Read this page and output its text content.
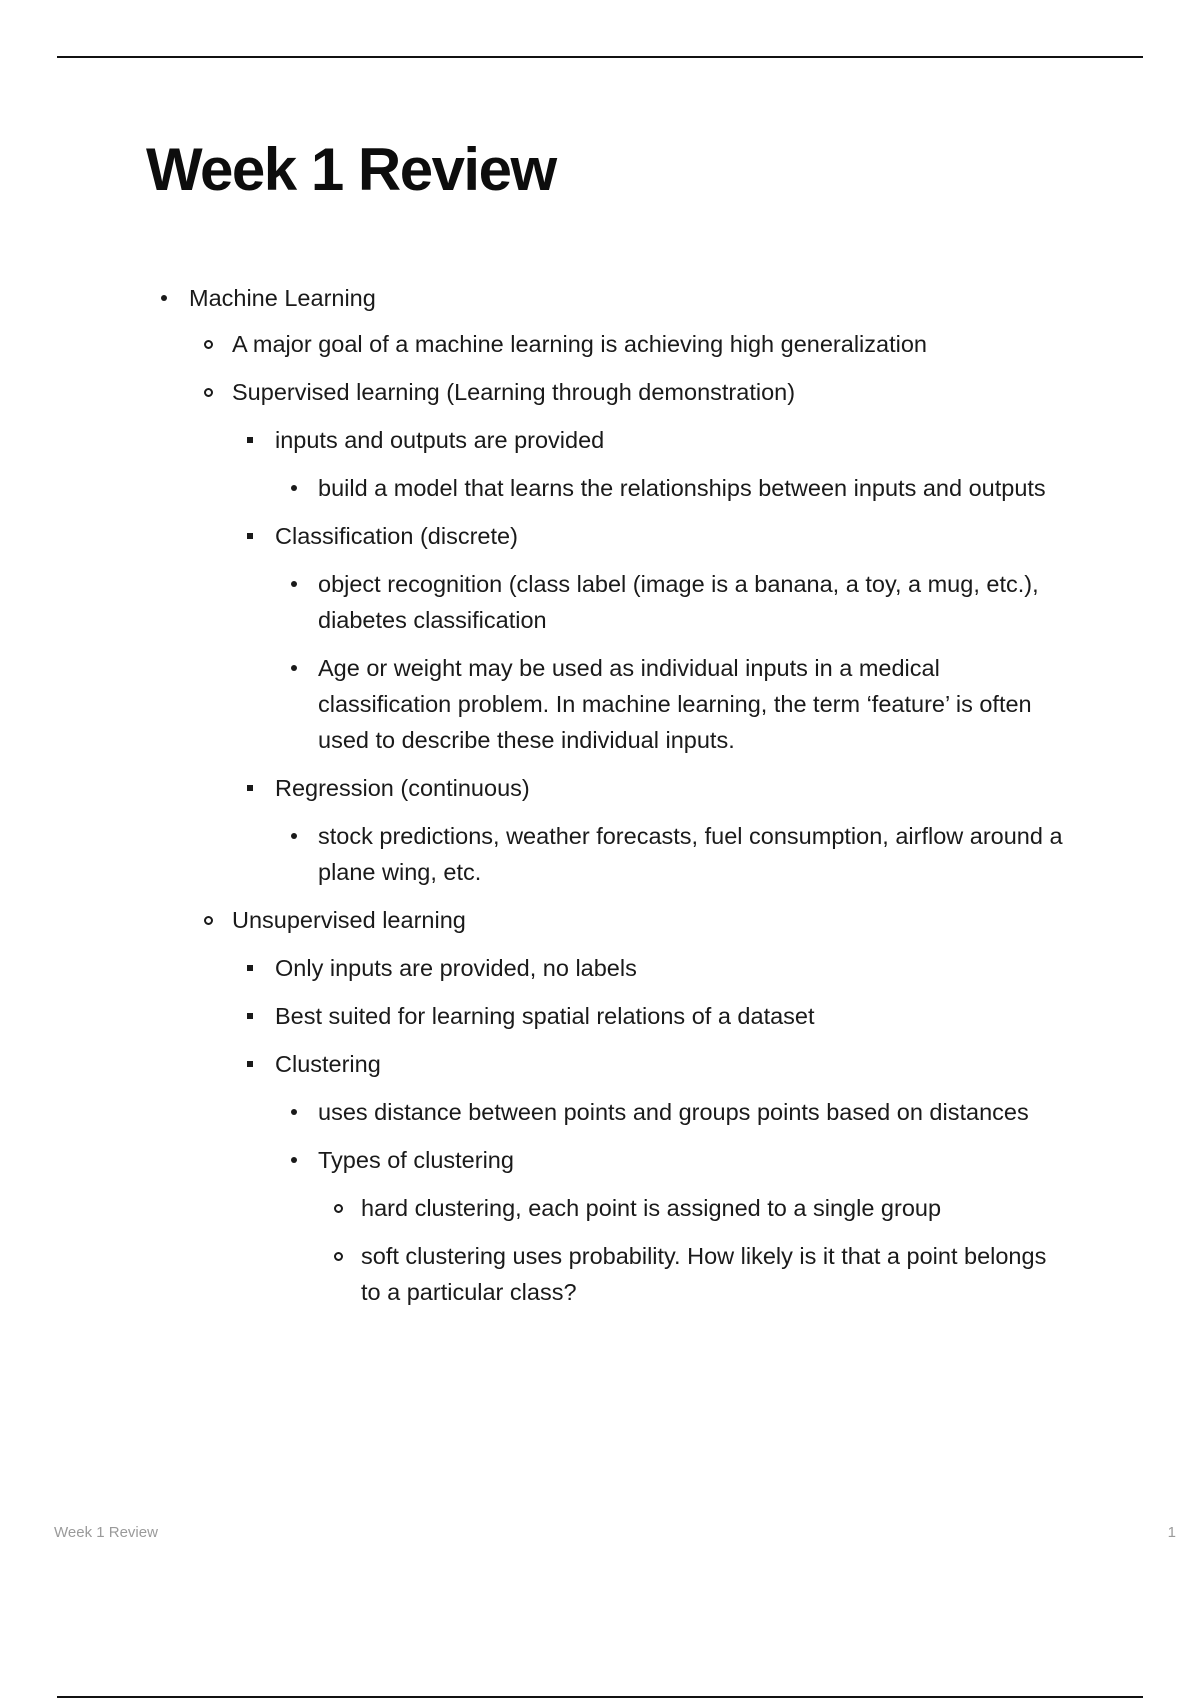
Week 1 Review
Machine Learning
A major goal of a machine learning is achieving high generalization
Supervised learning (Learning through demonstration)
inputs and outputs are provided
build a model that learns the relationships between inputs and outputs
Classification (discrete)
object recognition (class label (image is a banana, a toy, a mug, etc.), diabetes classification
Age or weight may be used as individual inputs in a medical classification problem. In machine learning, the term ‘feature’ is often used to describe these individual inputs.
Regression (continuous)
stock predictions, weather forecasts, fuel consumption, airflow around a plane wing, etc.
Unsupervised learning
Only inputs are provided, no labels
Best suited for learning spatial relations of a dataset
Clustering
uses distance between points and groups points based on distances
Types of clustering
hard clustering, each point is assigned to a single group
soft clustering uses probability. How likely is it that a point belongs to a particular class?
Week 1 Review	1
